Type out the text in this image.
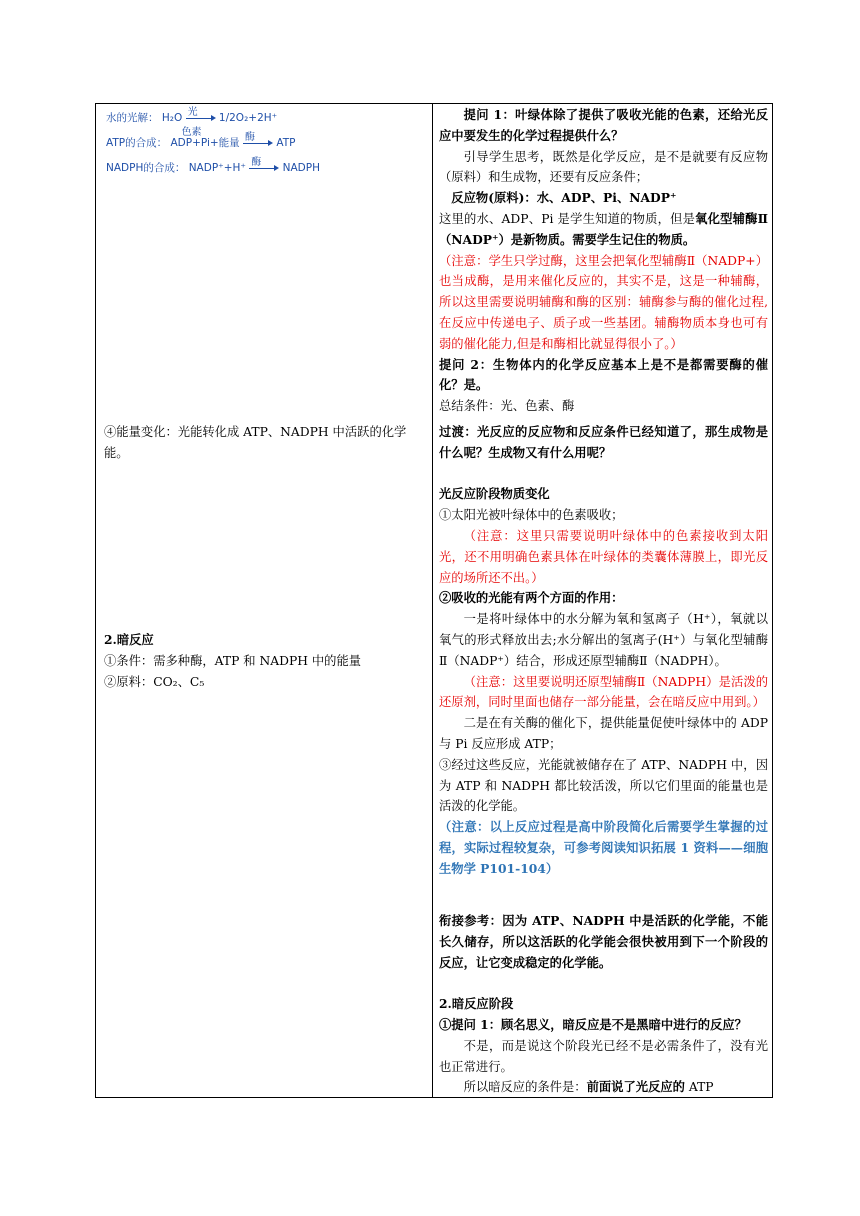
水的光解： H₂O 光
色素
1/2O₂+2H⁺
ATP的合成： ADP+Pi+能量 酶 ATP
NADPH的合成： NADP⁺+H⁺ 酶 NADPH

④能量变化：光能转化成 ATP、NADPH 中活跃的化学能。

2.暗反应

①条件：需多种酶，ATP 和 NADPH 中的能量

②原料：CO₂、C₅

提问 1：叶绿体除了提供了吸收光能的色素，还给光反应中要发生的化学过程提供什么？

引导学生思考，既然是化学反应，是不是就要有反应物（原料）和生成物，还要有反应条件；

反应物(原料)：水、ADP、Pi、NADP⁺

这里的水、ADP、Pi 是学生知道的物质，但是氧化型辅酶Ⅱ（NADP⁺）是新物质。需要学生记住的物质。

（注意：学生只学过酶，这里会把氧化型辅酶Ⅱ（NADP+）也当成酶，是用来催化反应的，其实不是，这是一种辅酶，所以这里需要说明辅酶和酶的区别：辅酶参与酶的催化过程,在反应中传递电子、质子或一些基团。辅酶物质本身也可有弱的催化能力,但是和酶相比就显得很小了。）

提问 2：生物体内的化学反应基本上是不是都需要酶的催化？是。

总结条件：光、色素、酶

过渡：光反应的反应物和反应条件已经知道了，那生成物是什么呢？生成物又有什么用呢？

光反应阶段物质变化

①太阳光被叶绿体中的色素吸收；

（注意：这里只需要说明叶绿体中的色素接收到太阳光，还不用明确色素具体在叶绿体的类囊体薄膜上，即光反应的场所还不出。）

②吸收的光能有两个方面的作用：

一是将叶绿体中的水分解为氧和氢离子（H⁺），氧就以氧气的形式释放出去;水分解出的氢离子(H⁺）与氧化型辅酶Ⅱ（NADP⁺）结合，形成还原型辅酶Ⅱ（NADPH）。

（注意：这里要说明还原型辅酶Ⅱ（NADPH）是活泼的还原剂，同时里面也储存一部分能量，会在暗反应中用到。）

二是在有关酶的催化下，提供能量促使叶绿体中的 ADP 与 Pi 反应形成 ATP；

③经过这些反应，光能就被储存在了 ATP、NADPH 中，因为 ATP 和 NADPH 都比较活泼，所以它们里面的能量也是活泼的化学能。

（注意：以上反应过程是高中阶段简化后需要学生掌握的过程，实际过程较复杂，可参考阅读知识拓展 1 资料——细胞生物学 P101-104）

衔接参考：因为 ATP、NADPH 中是活跃的化学能，不能长久储存，所以这活跃的化学能会很快被用到下一个阶段的反应，让它变成稳定的化学能。

2.暗反应阶段

①提问 1：顾名思义，暗反应是不是黑暗中进行的反应？

不是，而是说这个阶段光已经不是必需条件了，没有光也正常进行。

所以暗反应的条件是：前面说了光反应的 ATP
